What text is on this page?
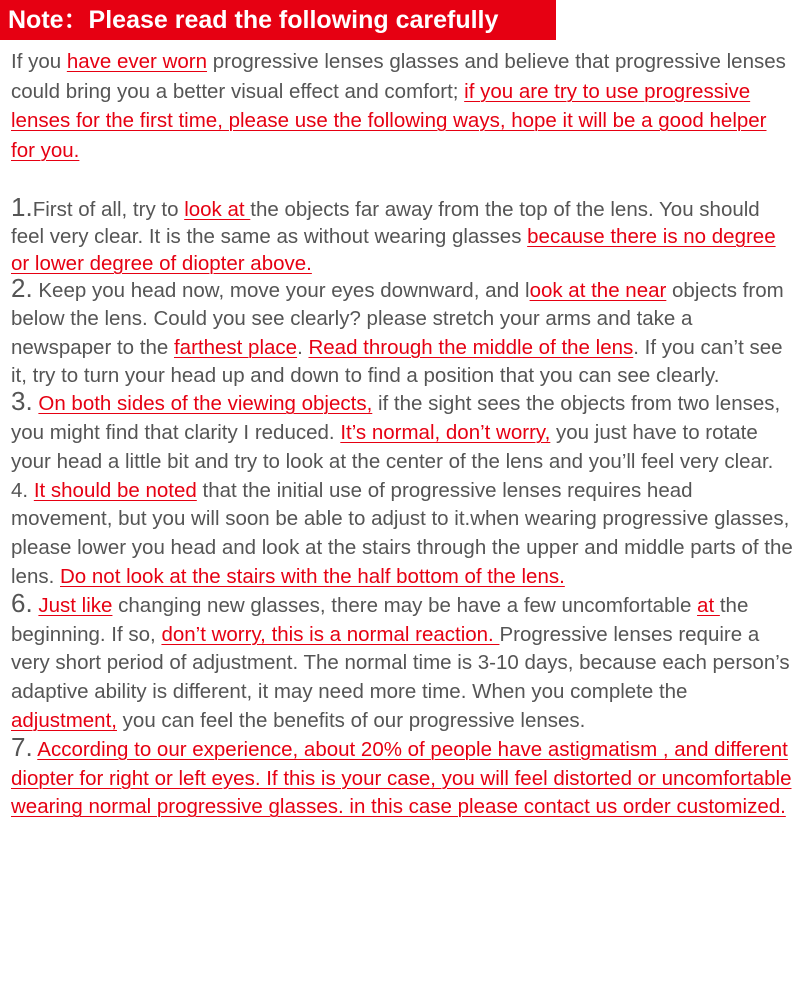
Note：Please read the following carefully

If you have ever worn progressive lenses glasses and believe that progressive lenses could bring you a better visual effect and comfort; if you are try to use progressive lenses for the first time, please use the following ways, hope it will be a good helper for you.

1.First of all, try to look at the objects far away from the top of the lens. You should feel very clear. It is the same as without wearing glasses because there is no degree or lower degree of diopter above.

2. Keep you head now, move your eyes downward, and look at the near objects from below the lens. Could you see clearly? please stretch your arms and take a newspaper to the farthest place. Read through the middle of the lens. If you can’t see it, try to turn your head up and down to find a position that you can see clearly.

3. On both sides of the viewing objects, if the sight sees the objects from two lenses, you might find that clarity I reduced. It’s normal, don’t worry, you just have to rotate your head a little bit and try to look at the center of the lens and you’ll feel very clear.

4. It should be noted that the initial use of progressive lenses requires head movement, but you will soon be able to adjust to it.when wearing progressive glasses, please lower you head and look at the stairs through the upper and middle parts of the lens. Do not look at the stairs with the half bottom of the lens.

6. Just like changing new glasses, there may be have a few uncomfortable at the beginning. If so, don’t worry, this is a normal reaction. Progressive lenses require a very short period of adjustment. The normal time is 3-10 days, because each person’s adaptive ability is different, it may need more time. When you complete the adjustment, you can feel the benefits of our progressive lenses.

7. According to our experience, about 20% of people have astigmatism , and different diopter for right or left eyes. If this is your case, you will feel distorted or uncomfortable wearing normal progressive glasses. in this case please contact us order customized.
